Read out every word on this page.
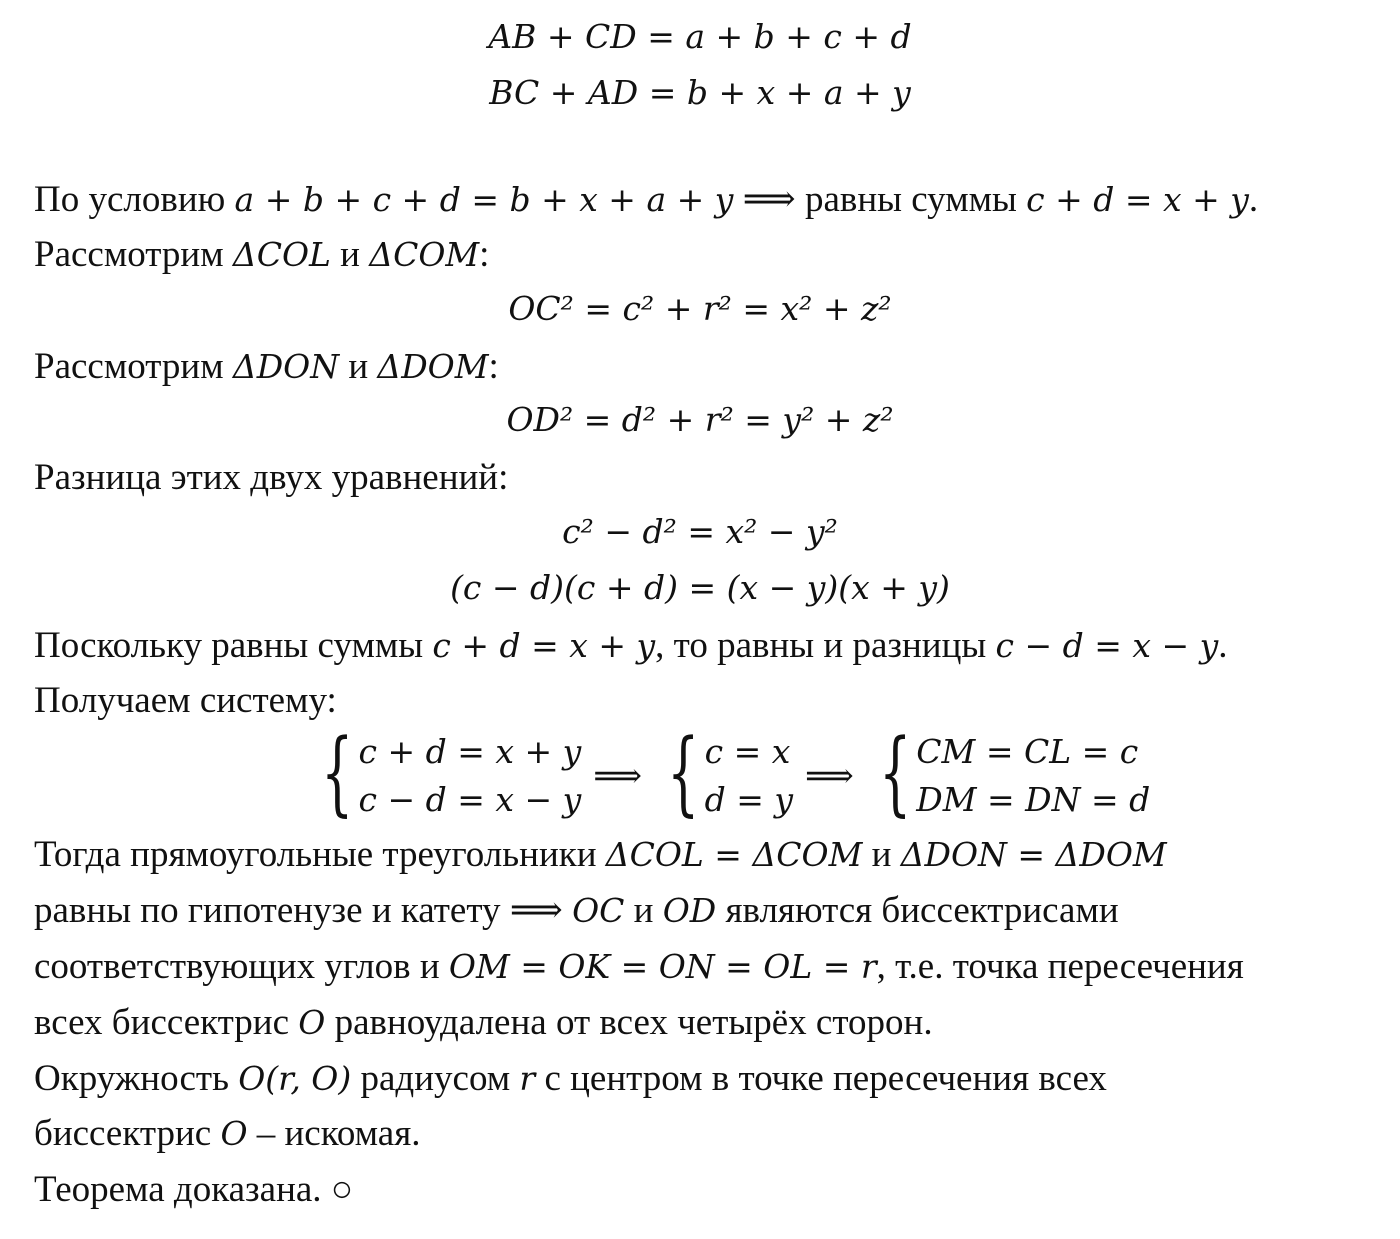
AB + CD = a + b + c + d
BC + AD = b + x + a + y
По условию a + b + c + d = b + x + a + y ⟹ равны суммы c + d = x + y.
Рассмотрим ΔCOL и ΔCOM:
OC² = c² + r² = x² + z²
Рассмотрим ΔDON и ΔDOM:
OD² = d² + r² = y² + z²
Разница этих двух уравнений:
c² − d² = x² − y²
(c − d)(c + d) = (x − y)(x + y)
Поскольку равны суммы c + d = x + y, то равны и разницы c − d = x − y.
Получаем систему:
{ c + d = x + y
c − d = x − y
⟹ { c = x
d = y
⟹ { CM = CL = c
DM = DN = d
Тогда прямоугольные треугольники ΔCOL = ΔCOM и ΔDON = ΔDOM
равны по гипотенузе и катету ⟹ OC и OD являются биссектрисами
соответствующих углов и OM = OK = ON = OL = r, т.е. точка пересечения
всех биссектрис O равноудалена от всех четырёх сторон.
Окружность O(r, O) радиусом r с центром в точке пересечения всех
биссектрис O – искомая.
Теорема доказана. ○
